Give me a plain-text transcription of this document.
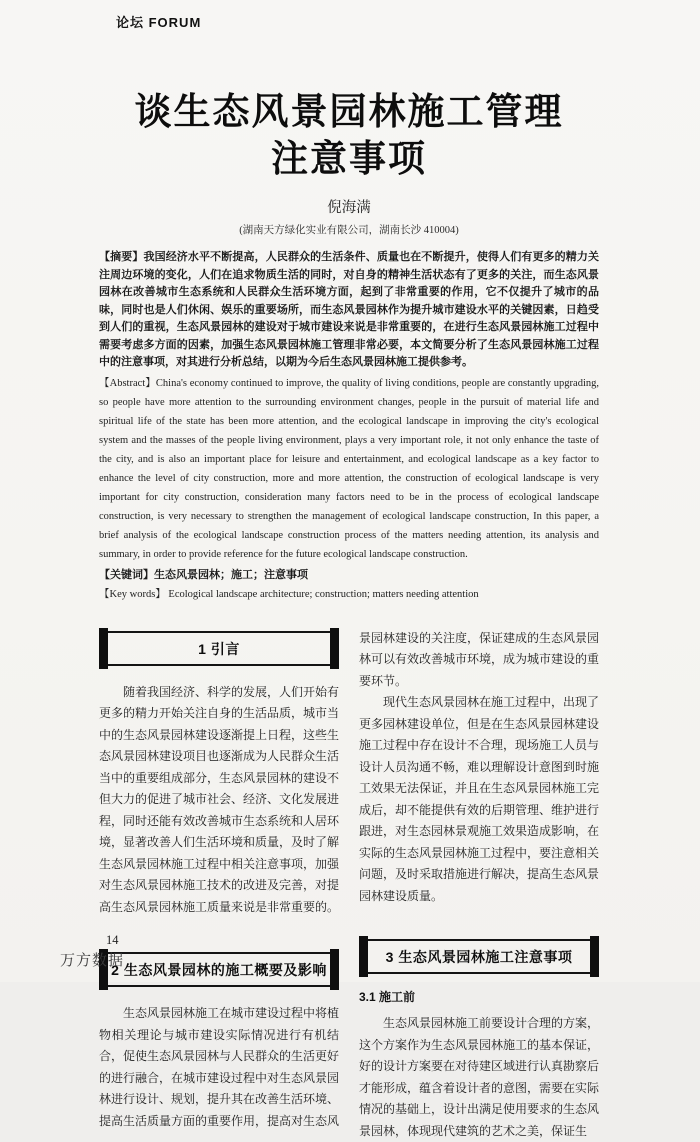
论坛 FORUM
谈生态风景园林施工管理
注意事项
倪海满
(湖南天方绿化实业有限公司，湖南长沙 410004)
【摘要】我国经济水平不断提高，人民群众的生活条件、质量也在不断提升，使得人们有更多的精力关注周边环境的变化，人们在追求物质生活的同时，对自身的精神生活状态有了更多的关注，而生态风景园林在改善城市生态系统和人民群众生活环境方面，起到了非常重要的作用，它不仅提升了城市的品味，同时也是人们休闲、娱乐的重要场所，而生态风景园林作为提升城市建设水平的关键因素，日趋受到人们的重视，生态风景园林的建设对于城市建设来说是非常重要的，在进行生态风景园林施工过程中需要考虑多方面的因素，加强生态风景园林施工管理非常必要，本文简要分析了生态风景园林施工过程中的注意事项，对其进行分析总结，以期为今后生态风景园林施工提供参考。
【Abstract】China's economy continued to improve, the quality of living conditions, people are constantly upgrading, so people have more attention to the surrounding environment changes, people in the pursuit of material life and spiritual life of the state has been more attention, and the ecological landscape in improving the city's ecological system and the masses of the people living environment, plays a very important role, it not only enhance the taste of the city, and is also an important place for leisure and entertainment, and ecological landscape as a key factor to enhance the level of city construction, more and more attention, the construction of ecological landscape is very important for city construction, consideration many factors need to be in the process of ecological landscape construction, is very necessary to strengthen the management of ecological landscape construction, In this paper, a brief analysis of the ecological landscape construction process of the matters needing attention, its analysis and summary, in order to provide reference for the future ecological landscape construction.
【关键词】生态风景园林；施工；注意事项
【Key words】 Ecological landscape architecture; construction; matters needing attention
1 引言

随着我国经济、科学的发展，人们开始有更多的精力开始关注自身的生活品质，城市当中的生态风景园林建设逐渐提上日程，这些生态风景园林建设项目也逐渐成为人民群众生活当中的重要组成部分，生态风景园林的建设不但大力的促进了城市社会、经济、文化发展进程，同时还能有效改善城市生态系统和人居环境，显著改善人们生活环境和质量，及时了解生态风景园林施工过程中相关注意事项，加强对生态风景园林施工技术的改进及完善，对提高生态风景园林施工质量来说是非常重要的。

2 生态风景园林的施工概要及影响

生态风景园林施工在城市建设过程中将植物相关理论与城市建设实际情况进行有机结合，促使生态风景园林与人民群众的生活更好的进行融合，在城市建设过程中对生态风景园林进行设计、规划，提升其在改善生活环境、提高生活质量方面的重要作用，提高对生态风

景园林建设的关注度，保证建成的生态风景园林可以有效改善城市环境，成为城市建设的重要环节。

现代生态风景园林在施工过程中，出现了更多园林建设单位，但是在生态风景园林建设施工过程中存在设计不合理，现场施工人员与设计人员沟通不畅，难以理解设计意图到时施工效果无法保证，并且在生态风景园林施工完成后，却不能提供有效的后期管理、维护进行跟进，对生态园林景观施工效果造成影响，在实际的生态风景园林施工过程中，要注意相关问题，及时采取措施进行解决，提高生态风景园林建设质量。

3 生态风景园林施工注意事项
3.1 施工前

生态风景园林施工前要设计合理的方案，这个方案作为生态风景园林施工的基本保证，好的设计方案要在对待建区域进行认真勘察后才能形成，蕴含着设计者的意图，需要在实际情况的基础上，设计出满足使用要求的生态风景园林，体现现代建筑的艺术之美，保证生

14
万方数据
